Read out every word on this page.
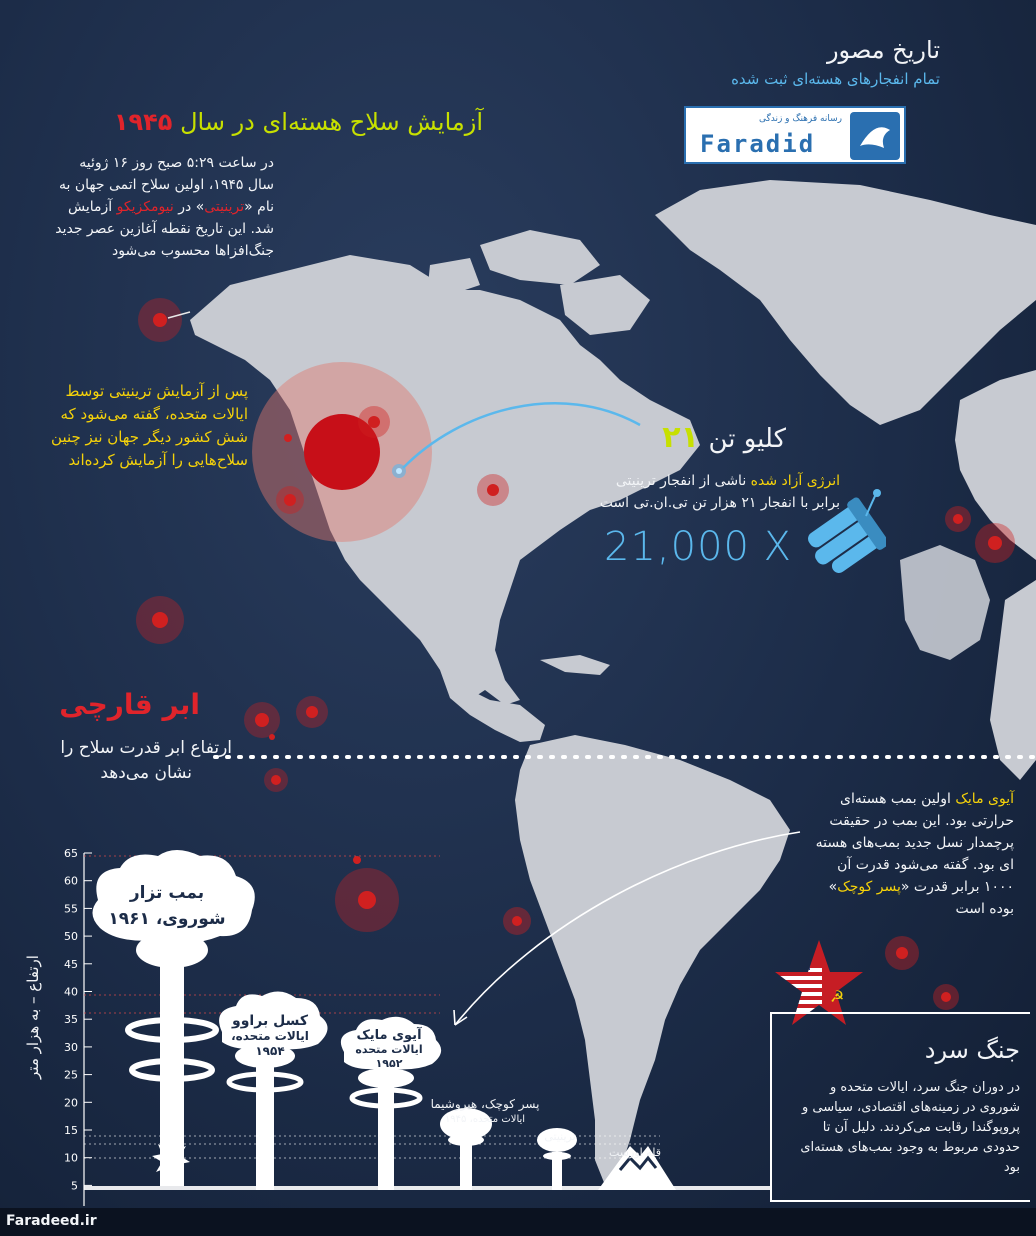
تاریخ مصور
تمام انفجارهای هسته‌ای ثبت شده
رسانه فرهنگ و زندگی
Faradid
آزمایش سلاح هسته‌ای در سال ۱۹۴۵
در ساعت ۵:۲۹ صبح روز ۱۶ ژوئیه
سال ۱۹۴۵، اولین سلاح اتمی جهان به
نام «ترینیتی» در نیومکزیکو آزمایش
شد. این تاریخ نقطه آغازین عصر جدید
جنگ‌افزاها محسوب می‌شود
پس از آزمایش ترینیتی توسط
ایالات متحده، گفته می‌شود که
شش کشور دیگر جهان نیز چنین
سلاح‌هایی را آزمایش کرده‌اند
کلیو تن ۲۱
انرژی آزاد شده ناشی از انفجار ترینیتی
برابر با انفجار ۲۱ هزار تن تی.ان.تی است
21,000 X
ابر قارچی
ارتفاع ابر قدرت سلاح را
نشان می‌دهد
آیوی مایک اولین بمب هسته‌ای
حرارتی بود. این بمب در حقیقت
پرچمدار نسل جدید بمب‌های هسته
ای بود. گفته می‌شود قدرت آن
۱۰۰۰ برابر قدرت «پسر کوچک»
بوده است
☭
جنگ سرد
در دوران جنگ سرد، ایالات متحده و
شوروی در زمینه‌های اقتصادی، سیاسی و
پروپوگندا رقابت می‌کردند. دلیل آن تا
حدودی مربوط به وجود بمب‌های هسته‌ای
بود
65
60
55
50
45
40
35
30
25
20
15
10
5
ارتفاع – به هزار متر
بمب تزار
شوروی، ۱۹۶۱
کسل براوو
ایالات متحده،
۱۹۵۴
آیوی مایک
ایالات متحده
۱۹۵۲
پسر کوچک، هیروشیما
ایالات متحده، ۱۹۴۵
ترینیتی
قله اورست
Faradeed.ir
